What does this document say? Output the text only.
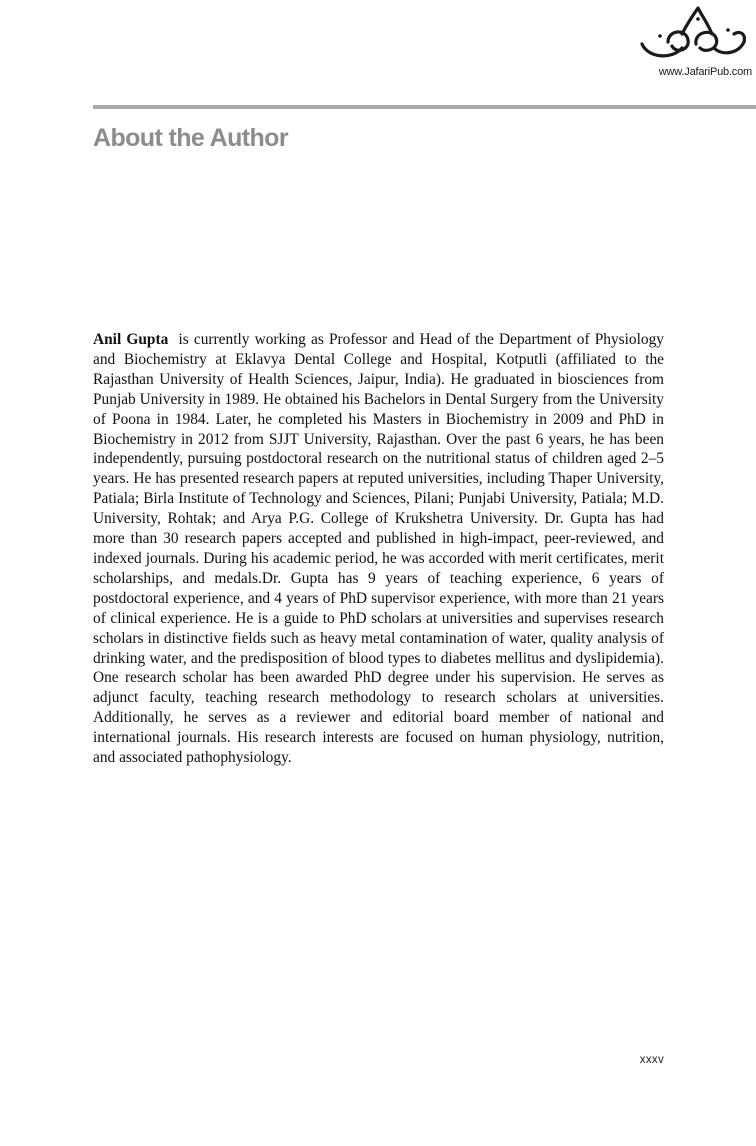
www.JafariPub.com
About the Author

Anil Gupta is currently working as Professor and Head of the Department of Physiology and Biochemistry at Eklavya Dental College and Hospital, Kotputli (affiliated to the Rajasthan University of Health Sciences, Jaipur, India). He graduated in biosciences from Punjab University in 1989. He obtained his Bachelors in Dental Surgery from the University of Poona in 1984. Later, he completed his Masters in Biochemistry in 2009 and PhD in Biochemistry in 2012 from SJJT University, Rajasthan. Over the past 6 years, he has been independently, pursuing postdoctoral research on the nutritional status of children aged 2–5 years. He has presented research papers at reputed universities, including Thaper University, Patiala; Birla Institute of Technology and Sciences, Pilani; Punjabi University, Patiala; M.D. University, Rohtak; and Arya P.G. College of Krukshetra University. Dr. Gupta has had more than 30 research papers accepted and published in high-impact, peer-reviewed, and indexed journals. During his academic period, he was accorded with merit certificates, merit scholarships, and medals.Dr. Gupta has 9 years of teaching experience, 6 years of postdoctoral experience, and 4 years of PhD supervisor experience, with more than 21 years of clinical experience. He is a guide to PhD scholars at universities and supervises research scholars in distinctive fields such as heavy metal contamination of water, quality analysis of drinking water, and the predisposition of blood types to diabetes mellitus and dyslipidemia). One research scholar has been awarded PhD degree under his supervision. He serves as adjunct faculty, teaching research methodology to research scholars at universities. Additionally, he serves as a reviewer and editorial board member of national and international journals. His research interests are focused on human physiology, nutrition, and associated pathophysiology.

xxxv
